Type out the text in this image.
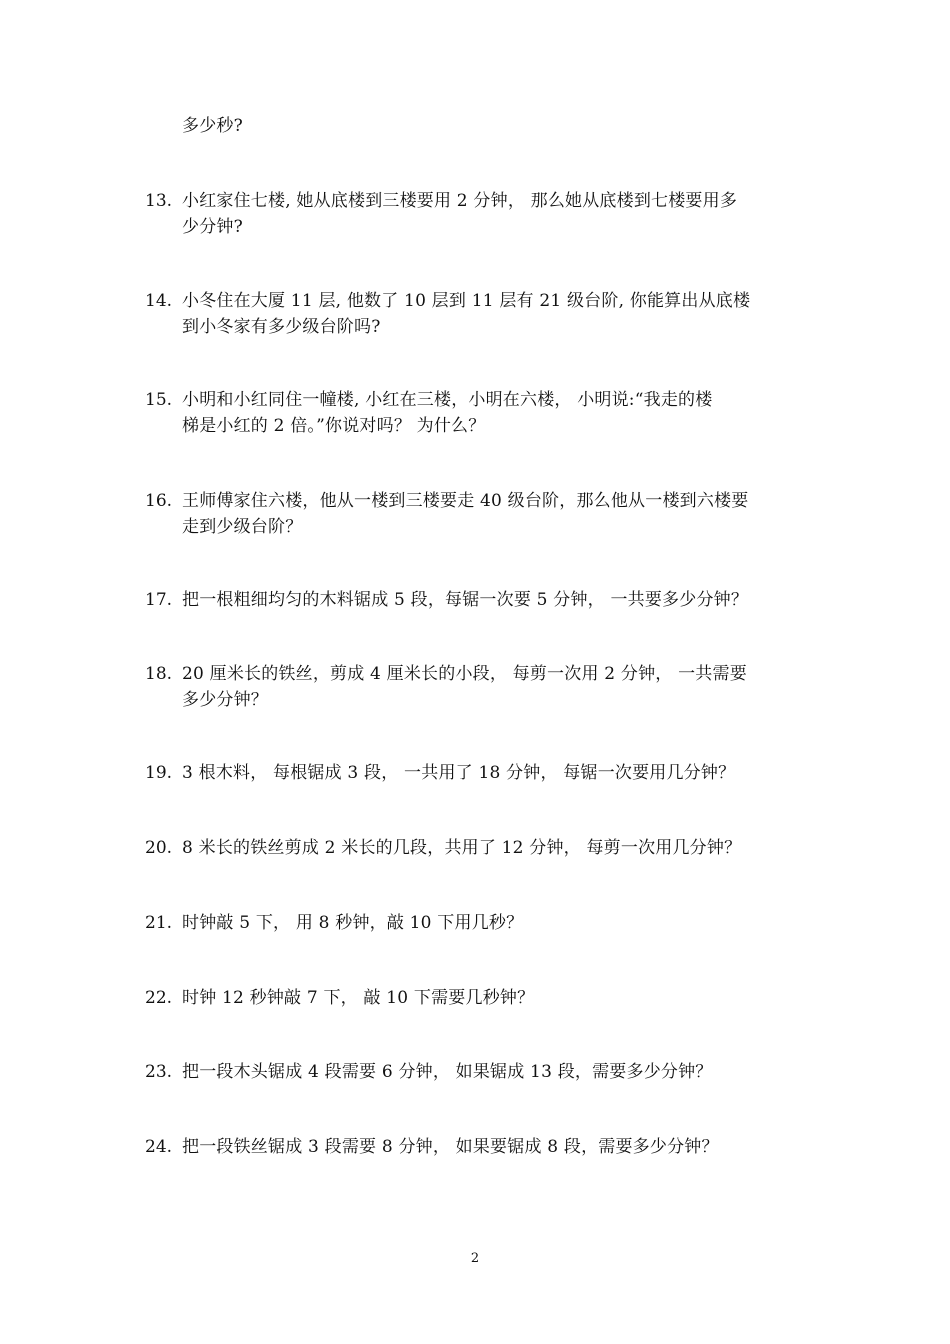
多少秒?
13. 小红家住七楼, 她从底楼到三楼要用 2 分钟， 那么她从底楼到七楼要用多
少分钟?
14. 小冬住在大厦 11 层, 他数了 10 层到 11 层有 21 级台阶, 你能算出从底楼
到小冬家有多少级台阶吗?
15. 小明和小红同住一幢楼, 小红在三楼，小明在六楼， 小明说:“我走的楼
梯是小红的 2 倍。”你说对吗？ 为什么？
16. 王师傅家住六楼，他从一楼到三楼要走 40 级台阶，那么他从一楼到六楼要
走到少级台阶？
17. 把一根粗细均匀的木料锯成 5 段，每锯一次要 5 分钟， 一共要多少分钟？
18. 20 厘米长的铁丝，剪成 4 厘米长的小段， 每剪一次用 2 分钟， 一共需要
多少分钟？
19. 3 根木料， 每根锯成 3 段， 一共用了 18 分钟， 每锯一次要用几分钟？
20. 8 米长的铁丝剪成 2 米长的几段，共用了 12 分钟， 每剪一次用几分钟？
21. 时钟敲 5 下， 用 8 秒钟，敲 10 下用几秒？
22. 时钟 12 秒钟敲 7 下， 敲 10 下需要几秒钟？
23. 把一段木头锯成 4 段需要 6 分钟， 如果锯成 13 段，需要多少分钟？
24. 把一段铁丝锯成 3 段需要 8 分钟， 如果要锯成 8 段，需要多少分钟？
2
